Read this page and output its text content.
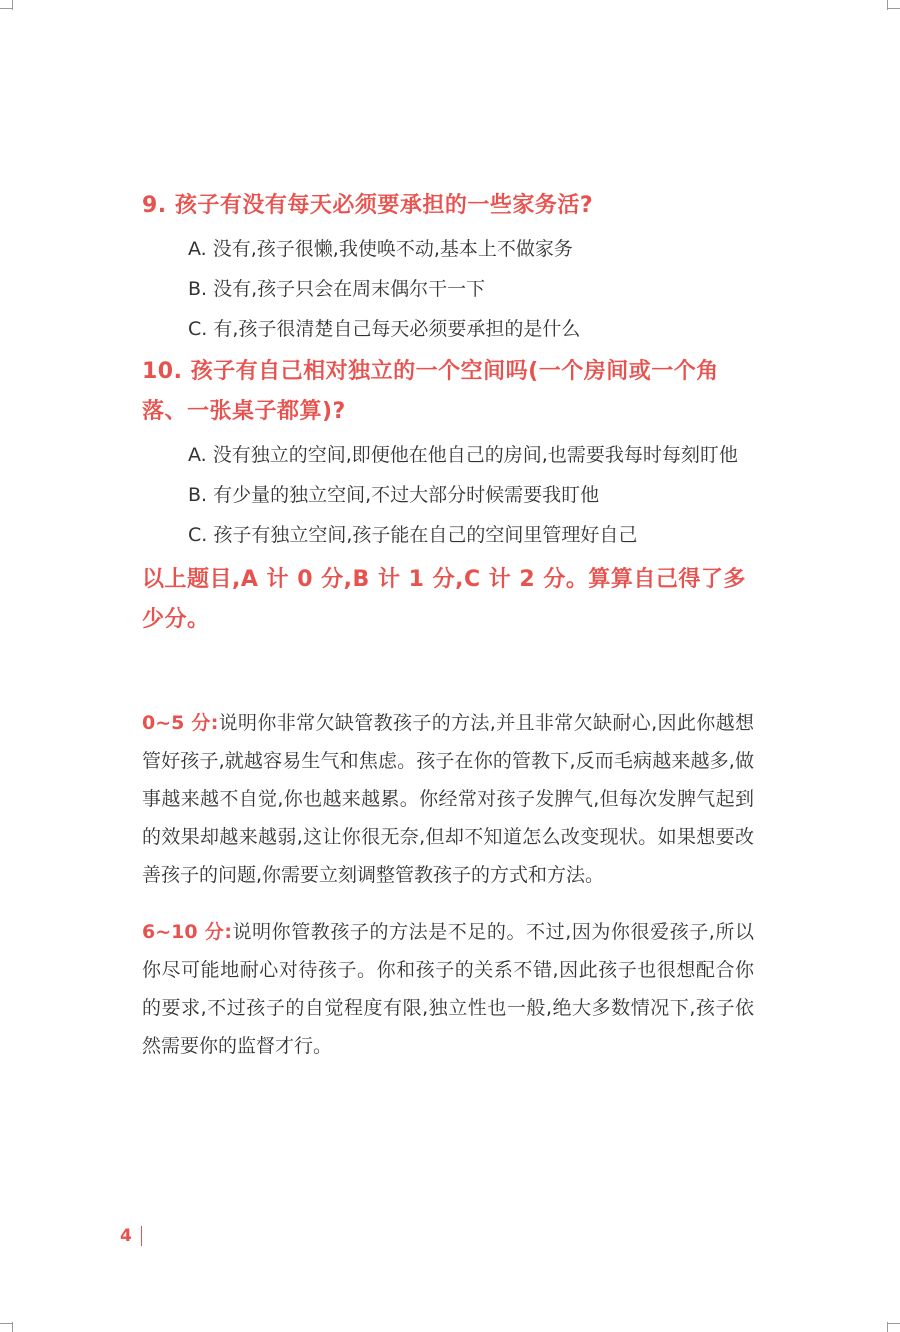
9. 孩子有没有每天必须要承担的一些家务活?
A. 没有,孩子很懒,我使唤不动,基本上不做家务
B. 没有,孩子只会在周末偶尔干一下
C. 有,孩子很清楚自己每天必须要承担的是什么
10. 孩子有自己相对独立的一个空间吗(一个房间或一个角落、一张桌子都算)?
A. 没有独立的空间,即便他在他自己的房间,也需要我每时每刻盯他
B. 有少量的独立空间,不过大部分时候需要我盯他
C. 孩子有独立空间,孩子能在自己的空间里管理好自己
以上题目,A 计 0 分,B 计 1 分,C 计 2 分。算算自己得了多少分。

0~5 分:说明你非常欠缺管教孩子的方法,并且非常欠缺耐心,因此你越想管好孩子,就越容易生气和焦虑。孩子在你的管教下,反而毛病越来越多,做事越来越不自觉,你也越来越累。你经常对孩子发脾气,但每次发脾气起到的效果却越来越弱,这让你很无奈,但却不知道怎么改变现状。如果想要改善孩子的问题,你需要立刻调整管教孩子的方式和方法。

6~10 分:说明你管教孩子的方法是不足的。不过,因为你很爱孩子,所以你尽可能地耐心对待孩子。你和孩子的关系不错,因此孩子也很想配合你的要求,不过孩子的自觉程度有限,独立性也一般,绝大多数情况下,孩子依然需要你的监督才行。

4
